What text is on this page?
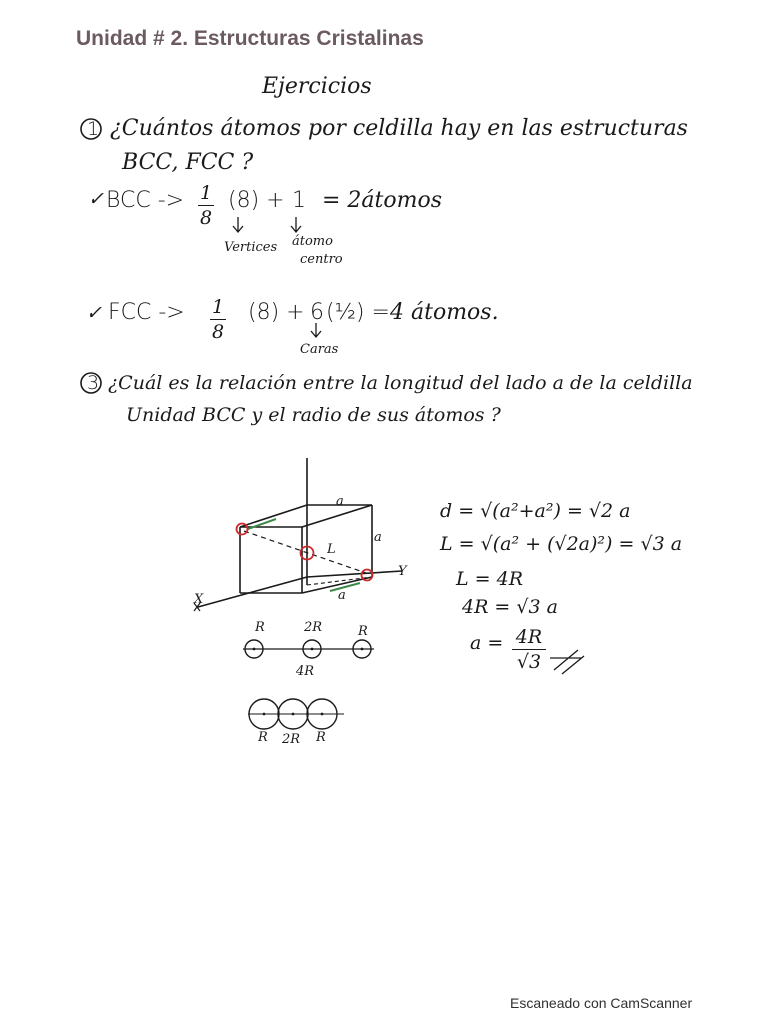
Unidad # 2. Estructuras Cristalinas
Ejercicios
1 ¿Cuántos átomos por celdilla hay en las estructuras
BCC, FCC ?
✓ BCC -> 1
8
(8) + 1 = 2átomos
Vertices átomo
centro
✓ FCC -> 1
8
(8) + 6 (½) = 4 átomos.
Caras
3 ¿Cuál es la relación entre la longitud del lado a de la celdilla
Unidad BCC y el radio de sus átomos ?
a
a
a
L
X
Y
R	2R	R
4R
R 2R R
d = √(a²+a²) = √2 a
L = √(a² + (√2a)²) = √3 a
L = 4R
4R = √3 a
a = 4R
√3
Escaneado con CamScanner
